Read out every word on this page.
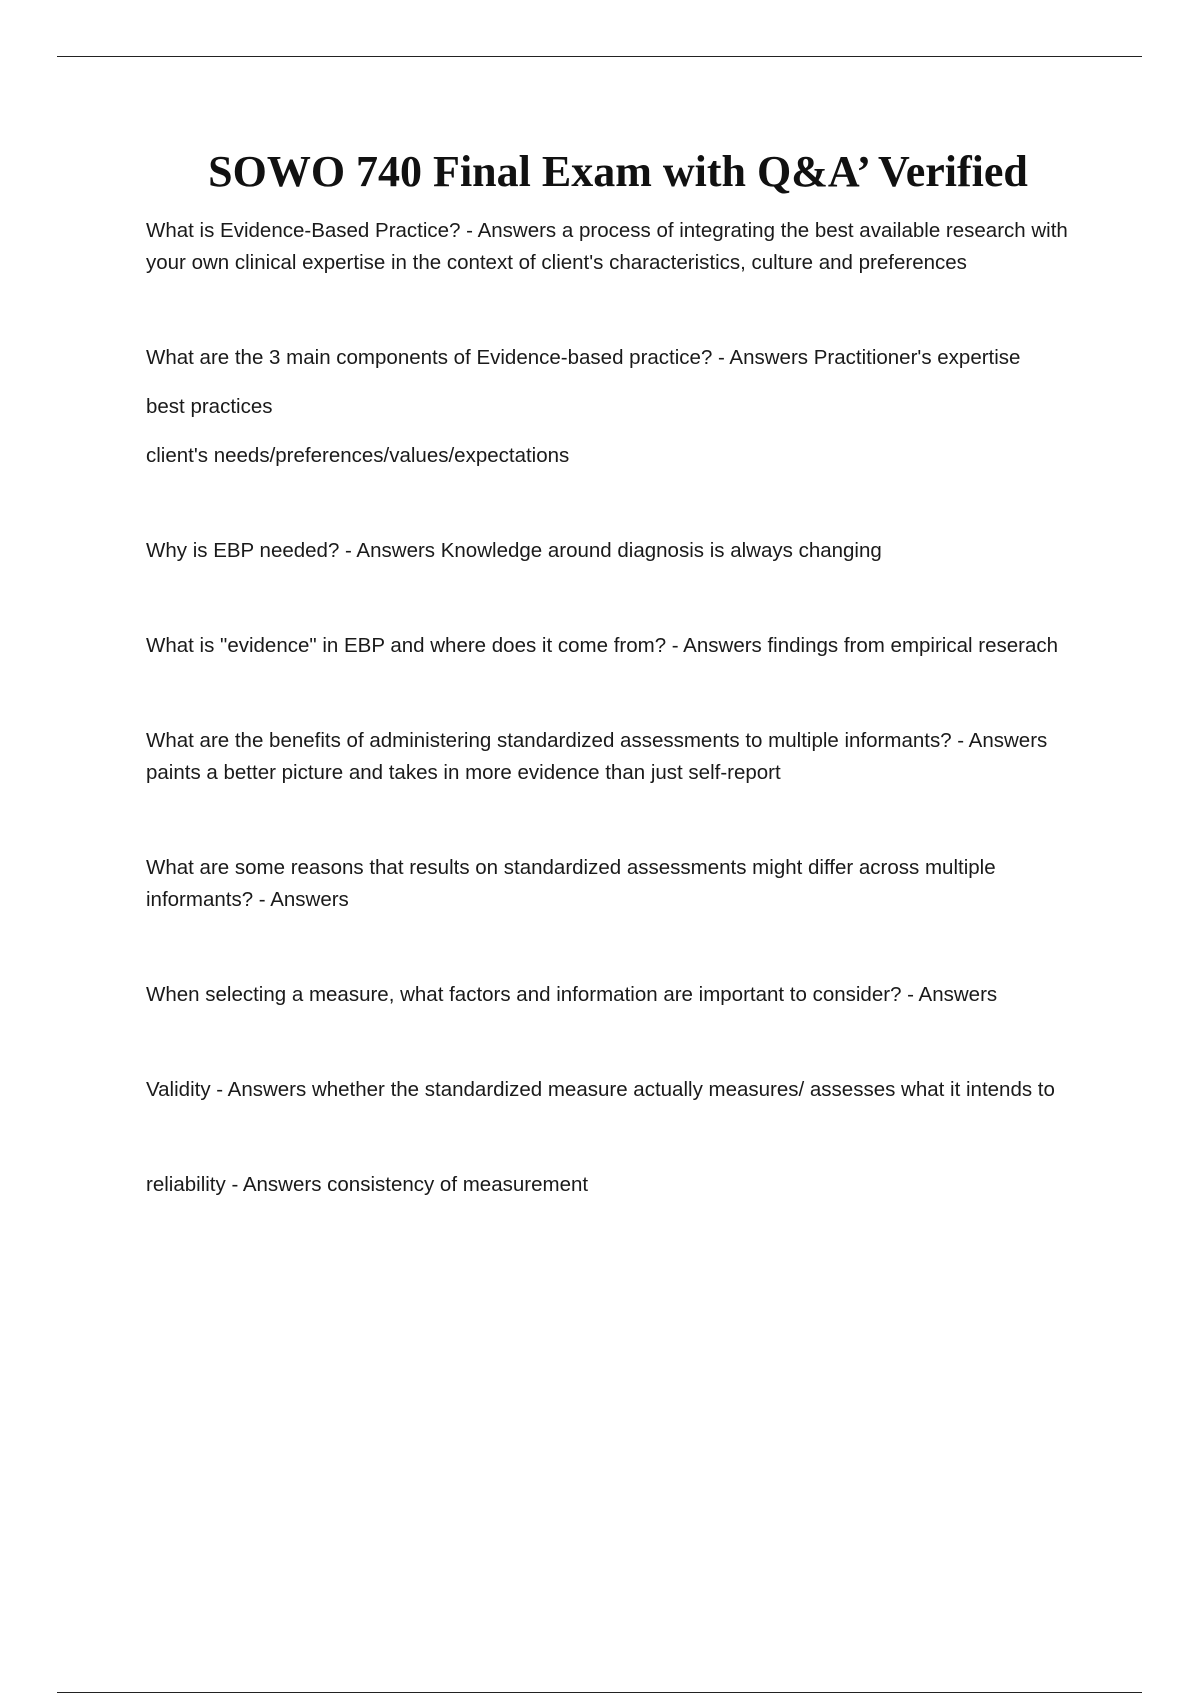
SOWO 740 Final Exam with Q&A’ Verified

What is Evidence-Based Practice? - Answers a process of integrating the best available research with your own clinical expertise in the context of client's characteristics, culture and preferences

What are the 3 main components of Evidence-based practice? - Answers Practitioner's expertise

best practices

client's needs/preferences/values/expectations

Why is EBP needed? - Answers Knowledge around diagnosis is always changing

What is "evidence" in EBP and where does it come from? - Answers findings from empirical reserach

What are the benefits of administering standardized assessments to multiple informants? - Answers paints a better picture and takes in more evidence than just self-report

What are some reasons that results on standardized assessments might differ across multiple informants? - Answers

When selecting a measure, what factors and information are important to consider? - Answers

Validity - Answers whether the standardized measure actually measures/ assesses what it intends to

reliability - Answers consistency of measurement
